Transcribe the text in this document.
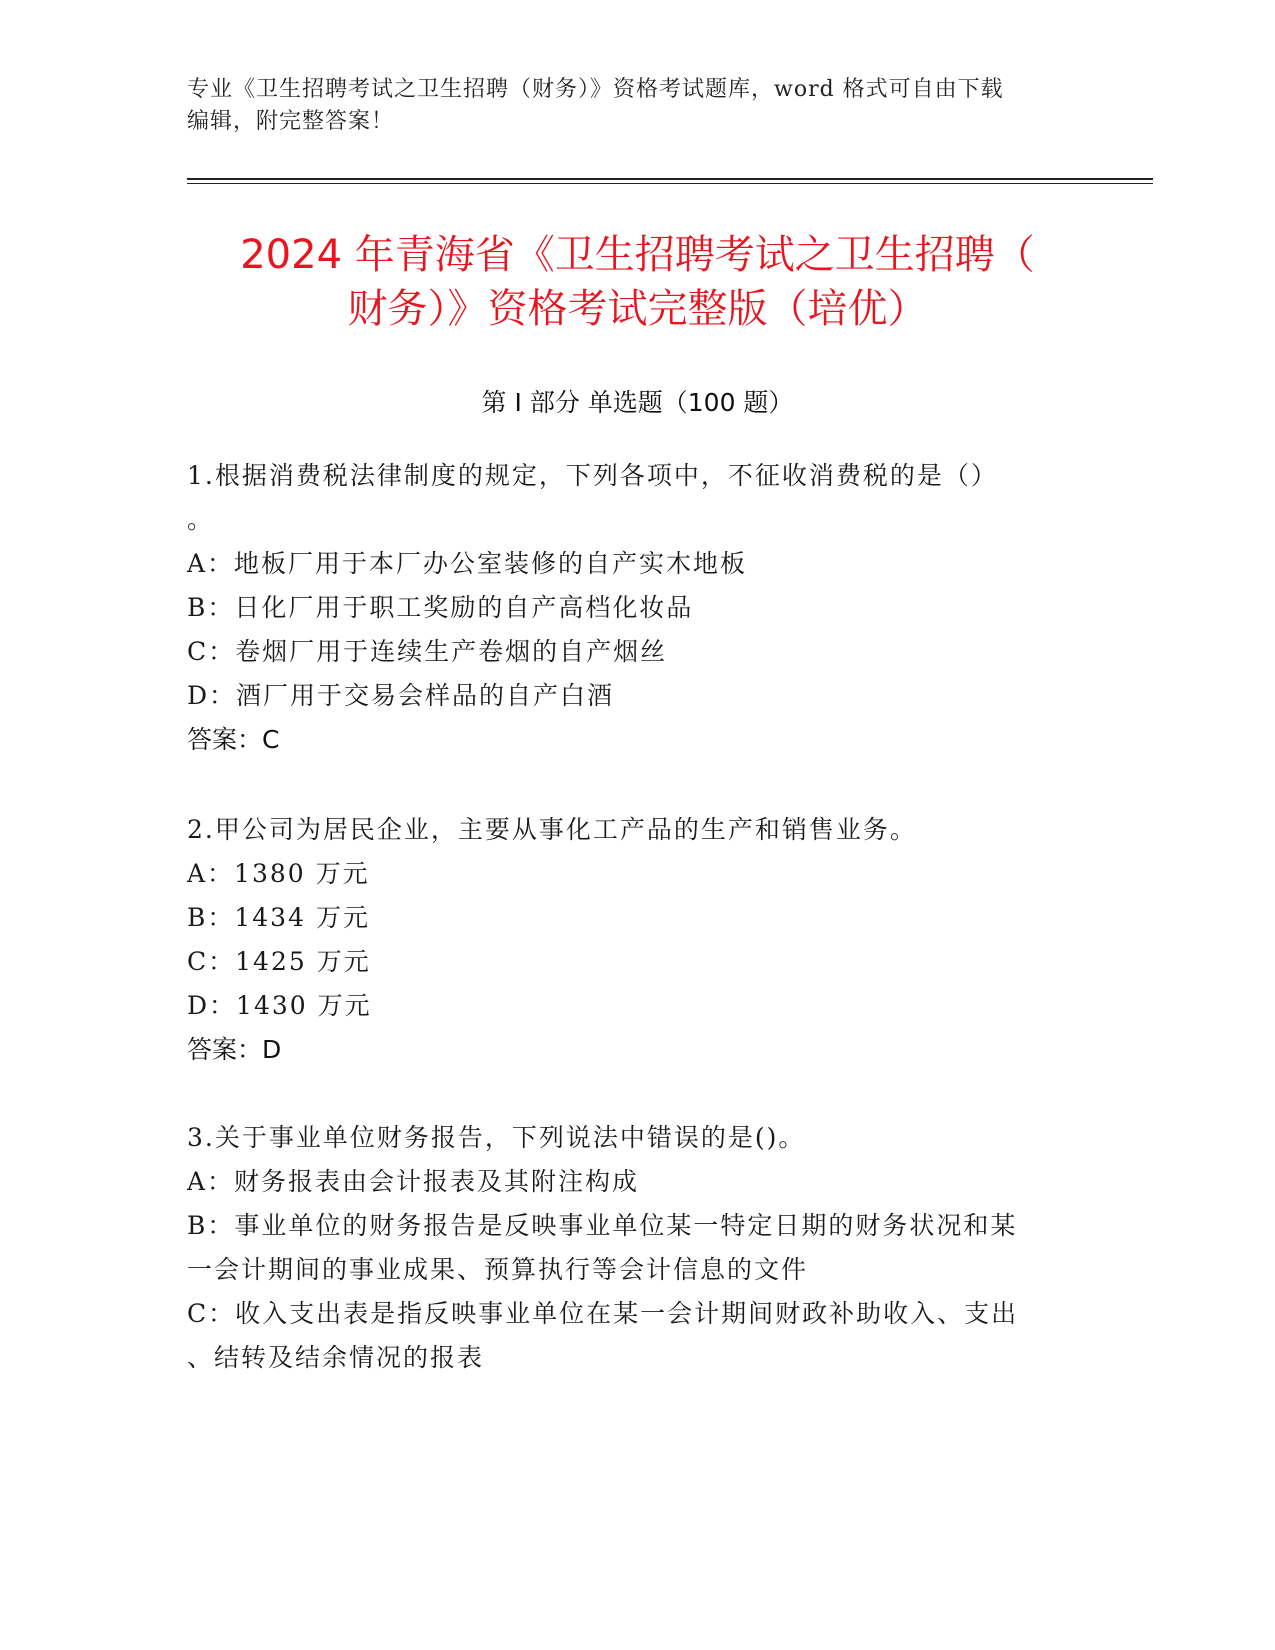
专业《卫生招聘考试之卫生招聘（财务）》资格考试题库，word 格式可自由下载
编辑，附完整答案！
2024 年青海省《卫生招聘考试之卫生招聘（
财务）》资格考试完整版（培优）
第 I 部分 单选题（100 题）
1.根据消费税法律制度的规定，下列各项中，不征收消费税的是（）
。
A：地板厂用于本厂办公室装修的自产实木地板
B：日化厂用于职工奖励的自产高档化妆品
C：卷烟厂用于连续生产卷烟的自产烟丝
D：酒厂用于交易会样品的自产白酒
答案：C
2.甲公司为居民企业，主要从事化工产品的生产和销售业务。
A：1380 万元
B：1434 万元
C：1425 万元
D：1430 万元
答案：D
3.关于事业单位财务报告，下列说法中错误的是()。
A：财务报表由会计报表及其附注构成
B：事业单位的财务报告是反映事业单位某一特定日期的财务状况和某
一会计期间的事业成果、预算执行等会计信息的文件
C：收入支出表是指反映事业单位在某一会计期间财政补助收入、支出
、结转及结余情况的报表
